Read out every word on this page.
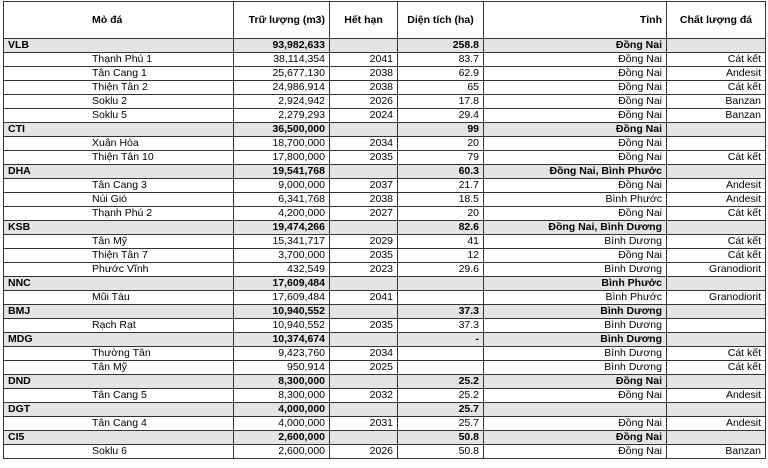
Mỏ đá	Trữ lượng (m3)	Hết hạn	Diện tích (ha)	Tỉnh	Chất lượng đá
VLB	93,982,633		258.8	Đồng Nai	
Thạnh Phú 1	38,114,354	2041	83.7	Đồng Nai	Cát kết
Tân Cang 1	25,677,130	2038	62.9	Đồng Nai	Andesit
Thiện Tân 2	24,986,914	2038	65	Đồng Nai	Cát kết
Soklu 2	2,924,942	2026	17.8	Đồng Nai	Banzan
Soklu 5	2,279,293	2024	29.4	Đồng Nai	Banzan
CTI	36,500,000		99	Đồng Nai	
Xuân Hòa	18,700,000	2034	20	Đồng Nai	
Thiện Tân 10	17,800,000	2035	79	Đồng Nai	Cát kết
DHA	19,541,768		60.3	Đồng Nai, Bình Phước	
Tân Cang 3	9,000,000	2037	21.7	Đồng Nai	Andesit
Núi Gió	6,341,768	2038	18.5	Bình Phước	Andesit
Thạnh Phú 2	4,200,000	2027	20	Đồng Nai	Cát kết
KSB	19,474,266		82.6	Đồng Nai, Bình Dương	
Tân Mỹ	15,341,717	2029	41	Bình Dương	Cát kết
Thiện Tân 7	3,700,000	2035	12	Đồng Nai	Cát kết
Phước Vĩnh	432,549	2023	29.6	Bình Dương	Granodiorit
NNC	17,609,484			Bình Phước	
Mũi Tàu	17,609,484	2041		Bình Phước	Granodiorit
BMJ	10,940,552		37.3	Bình Dương	
Rạch Rạt	10,940,552	2035	37.3	Bình Dương	
MDG	10,374,674		-	Bình Dương	
Thường Tân	9,423,760	2034		Bình Dương	Cát kết
Tân Mỹ	950,914	2025		Bình Dương	Cát kết
DND	8,300,000		25.2	Đồng Nai	
Tân Cang 5	8,300,000	2032	25.2	Đồng Nai	Andesit
DGT	4,000,000		25.7		
Tân Cang 4	4,000,000	2031	25.7	Đồng Nai	Andesit
CI5	2,600,000		50.8	Đồng Nai	
Soklu 6	2,600,000	2026	50.8	Đồng Nai	Banzan
